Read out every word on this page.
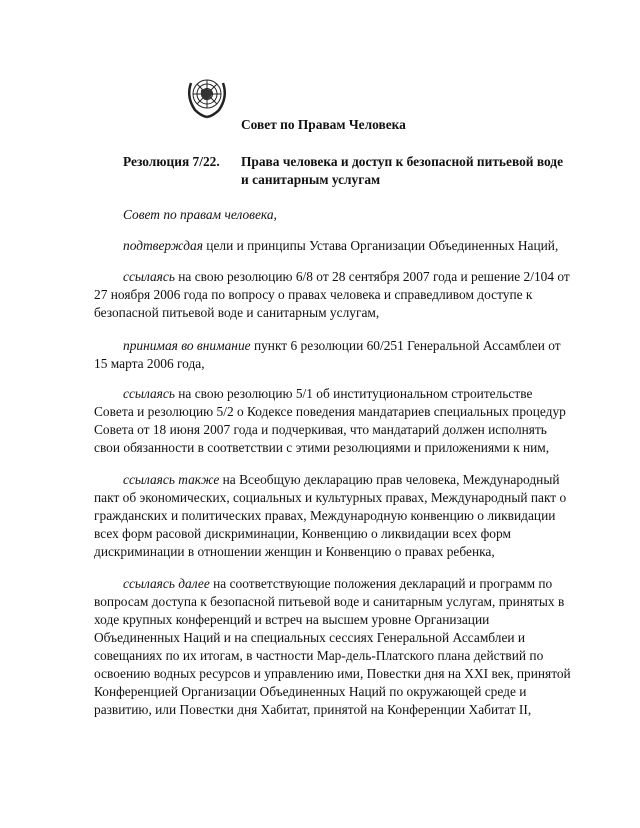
Совет по Правам Человека
Резолюция 7/22. Права человека и доступ к безопасной питьевой воде
и санитарным услугам
Совет по правам человека,
подтверждая цели и принципы Устава Организации Объединенных Наций,
ссылаясь на свою резолюцию 6/8 от 28 сентября 2007 года и решение 2/104 от
27 ноября 2006 года по вопросу о правах человека и справедливом доступе к
безопасной питьевой воде и санитарным услугам,
принимая во внимание пункт 6 резолюции 60/251 Генеральной Ассамблеи от
15 марта 2006 года,
ссылаясь на свою резолюцию 5/1 об институциональном строительстве
Совета и резолюцию 5/2 о Кодексе поведения мандатариев специальных процедур
Совета от 18 июня 2007 года и подчеркивая, что мандатарий должен исполнять
свои обязанности в соответствии с этими резолюциями и приложениями к ним,
ссылаясь также на Всеобщую декларацию прав человека, Международный
пакт об экономических, социальных и культурных правах, Международный пакт о
гражданских и политических правах, Международную конвенцию о ликвидации
всех форм расовой дискриминации, Конвенцию о ликвидации всех форм
дискриминации в отношении женщин и Конвенцию о правах ребенка,
ссылаясь далее на соответствующие положения деклараций и программ по
вопросам доступа к безопасной питьевой воде и санитарным услугам, принятых в
ходе крупных конференций и встреч на высшем уровне Организации
Объединенных Наций и на специальных сессиях Генеральной Ассамблеи и
совещаниях по их итогам, в частности Мар-дель-Платского плана действий по
освоению водных ресурсов и управлению ими, Повестки дня на XXI век, принятой
Конференцией Организации Объединенных Наций по окружающей среде и
развитию, или Повестки дня Хабитат, принятой на Конференции Хабитат II,
